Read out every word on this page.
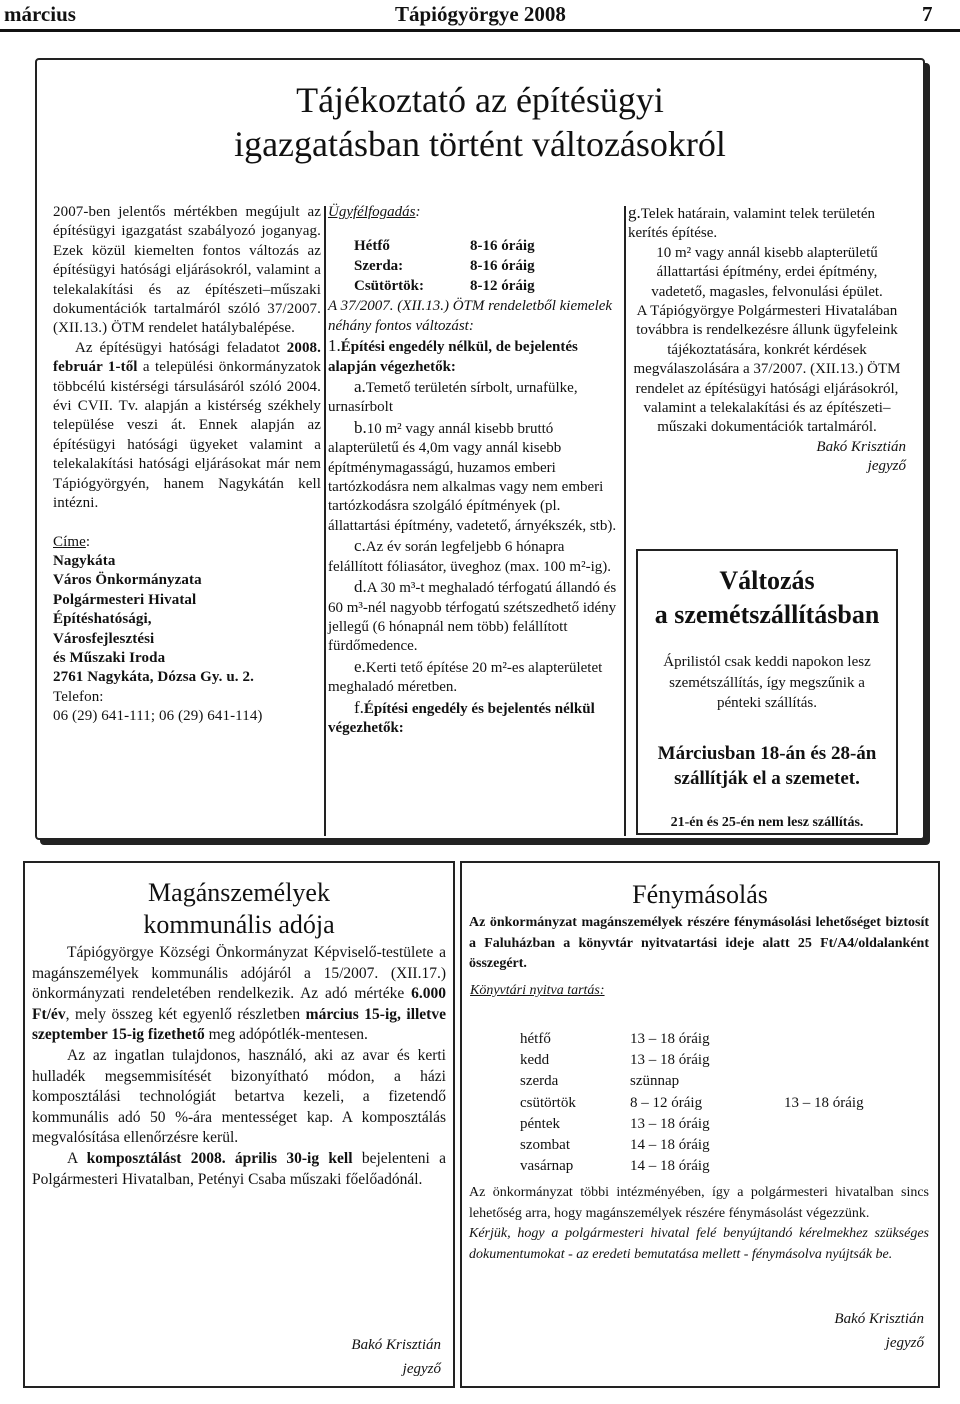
március	Tápiógyörgye 2008	7
Tájékoztató az építésügyi
igazgatásban történt változásokról

2007-ben jelentős mértékben megújult az építésügyi igazgatást szabályozó joganyag. Ezek közül kiemelten fontos változás az építésügyi hatósági eljárásokról, valamint a telekalakítási és az építészeti–műszaki dokumentációk tartalmáról szóló 37/2007. (XII.13.) ÖTM rendelet hatálybalépése.

Az építésügyi hatósági feladatot 2008. február 1-től a települési önkormányzatok többcélú kistérségi társulásáról szóló 2004. évi CVII. Tv. alapján a kistérség székhely települése veszi át. Ennek alapján az építésügyi hatósági ügyeket valamint a telekalakítási hatósági eljárásokat már nem Tápiógyörgyén, hanem Nagykátán kell intézni.

Címe:

Nagykáta
Város Önkormányzata
Polgármesteri Hivatal
Építéshatósági,
Városfejlesztési
és Műszaki Iroda
2761 Nagykáta, Dózsa Gy. u. 2.

Telefon:

06 (29) 641-111; 06 (29) 641-114)

Ügyfélfogadás:

Hétfő	8-16 óráig
Szerda:	8-16 óráig
Csütörtök:	8-12 óráig

A 37/2007. (XII.13.) ÖTM rendeletből kiemelek néhány fontos változást:

1.Építési engedély nélkül, de bejelentés alapján végezhetők:

a.Temető területén sírbolt, urnafülke, urnasírbolt

b.10 m² vagy annál kisebb bruttó alapterületű és 4,0m vagy annál kisebb építménymagasságú, huzamos emberi tartózkodásra nem alkalmas vagy nem emberi tartózkodásra szolgáló építmények (pl. állattartási építmény, vadetető, árnyékszék, stb).

c.Az év során legfeljebb 6 hónapra felállított fóliasátor, üveghoz (max. 100 m²-ig).

d.A 30 m³-t meghaladó térfogatú állandó és 60 m³-nél nagyobb térfogatú szétszedhető idény jellegű (6 hónapnál nem több) felállított fürdőmedence.

e.Kerti tető építése 20 m²-es alapterületet meghaladó méretben.

f.Építési engedély és bejelentés nélkül végezhetők:

g.Telek határain, valamint telek területén kerítés építése.

10 m² vagy annál kisebb alapterületű állattartási építmény, erdei építmény, vadetető, magasles, felvonulási épület.

A Tápiógyörgye Polgármesteri Hivatalában továbbra is rendelkezésre állunk ügyfeleink tájékoztatására, konkrét kérdések megválaszolására a 37/2007. (XII.13.) ÖTM rendelet az építésügyi hatósági eljárásokról, valamint a telekalakítási és az építészeti–műszaki dokumentációk tartalmáról.

Bakó Krisztián

jegyző

Változás
a szemétszállításban
Áprilistól csak keddi napokon lesz szemétszállítás, így megszűnik a pénteki szállítás.
Márciusban 18-án és 28-án szállítják el a szemetet.
21-én és 25-én nem lesz szállítás.
Magánszemélyek
kommunális adója

Tápiógyörgye Községi Önkormányzat Képviselő-testülete a magánszemélyek kommunális adójáról a 15/2007. (XII.17.) önkormányzati rendeletében rendelkezik. Az adó mértéke 6.000 Ft/év, mely összeg két egyenlő részletben március 15-ig, illetve szeptember 15-ig fizethető meg adópótlék-mentesen.

Az az ingatlan tulajdonos, használó, aki az avar és kerti hulladék megsemmisítését bizonyítható módon, a házi komposztálási technológiát betartva kezeli, a fizetendő kommunális adó 50 %-ára mentességet kap. A komposztálás megvalósítása ellenőrzésre kerül.

A komposztálást 2008. április 30-ig kell bejelenteni a Polgármesteri Hivatalban, Petényi Csaba műszaki főelőadónál.

Bakó Krisztián
jegyző
Fénymásolás
Az önkormányzat magánszemélyek részére fénymásolási lehetőséget biztosít a Faluházban a könyvtár nyitvatartási ideje alatt 25 Ft/A4/oldalanként összegért.
Könyvtári nyitva tartás:
hétfő	13 – 18 óráig	
kedd	13 – 18 óráig	
szerda	szünnap	
csütörtök	8 – 12 óráig	13 – 18 óráig
péntek	13 – 18 óráig	
szombat	14 – 18 óráig	
vasárnap	14 – 18 óráig	

Az önkormányzat többi intézményében, így a polgármesteri hivatalban sincs lehetőség arra, hogy magánszemélyek részére fénymásolást végezzünk.

Kérjük, hogy a polgármesteri hivatal felé benyújtandó kérelmekhez szükséges dokumentumokat - az eredeti bemutatása mellett - fénymásolva nyújtsák be.

Bakó Krisztián
jegyző
